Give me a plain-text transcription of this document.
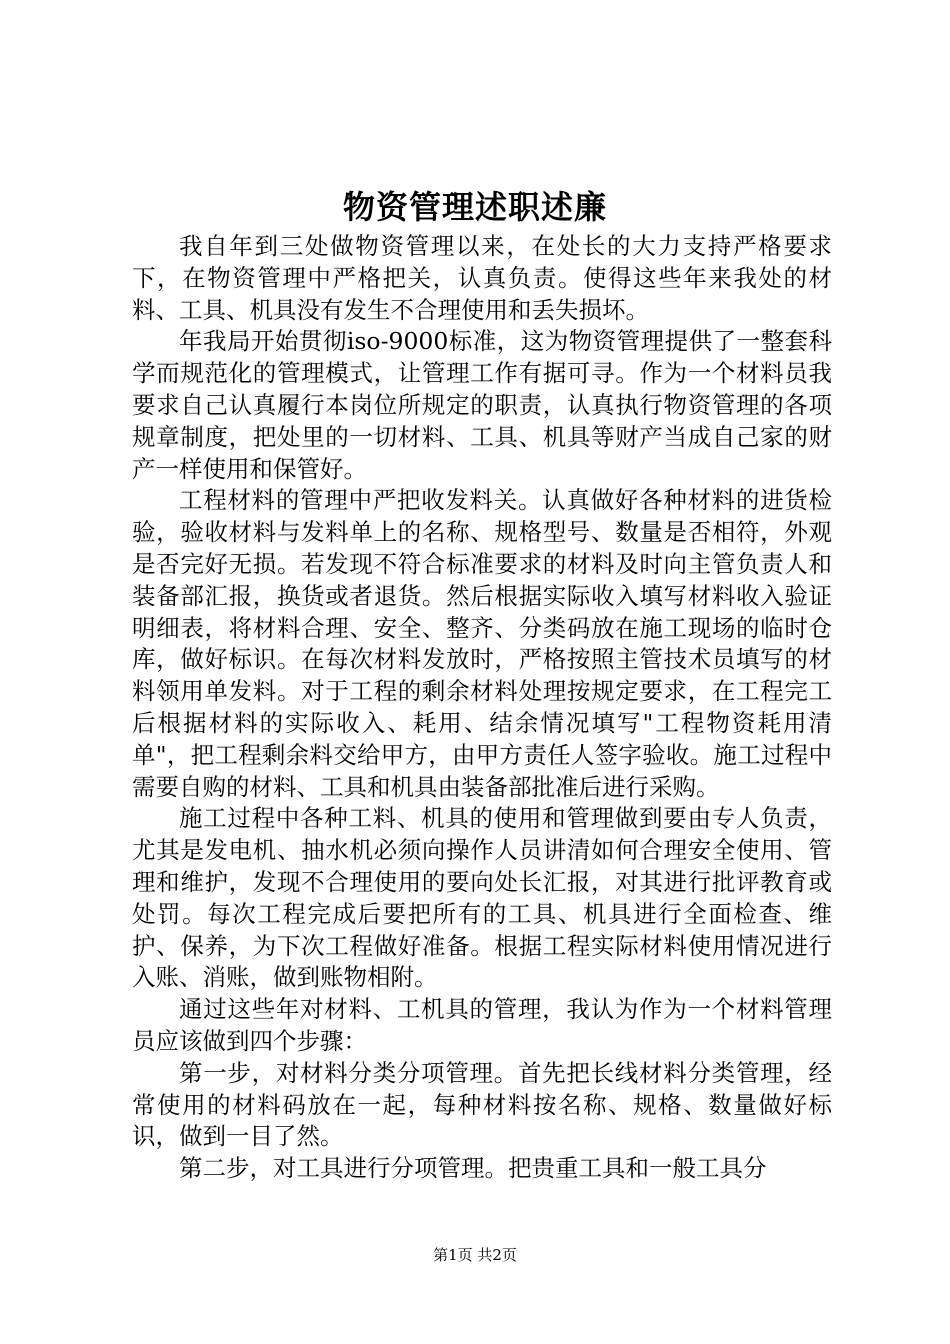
物资管理述职述廉

我自年到三处做物资管理以来，在处长的大力支持严格要求下，在物资管理中严格把关，认真负责。使得这些年来我处的材料、工具、机具没有发生不合理使用和丢失损坏。

年我局开始贯彻iso-9000标准，这为物资管理提供了一整套科学而规范化的管理模式，让管理工作有据可寻。作为一个材料员我要求自己认真履行本岗位所规定的职责，认真执行物资管理的各项规章制度，把处里的一切材料、工具、机具等财产当成自己家的财产一样使用和保管好。

工程材料的管理中严把收发料关。认真做好各种材料的进货检验，验收材料与发料单上的名称、规格型号、数量是否相符，外观是否完好无损。若发现不符合标准要求的材料及时向主管负责人和装备部汇报，换货或者退货。然后根据实际收入填写材料收入验证明细表，将材料合理、安全、整齐、分类码放在施工现场的临时仓库，做好标识。在每次材料发放时，严格按照主管技术员填写的材料领用单发料。对于工程的剩余材料处理按规定要求，在工程完工后根据材料的实际收入、耗用、结余情况填写"工程物资耗用清单"，把工程剩余料交给甲方，由甲方责任人签字验收。施工过程中需要自购的材料、工具和机具由装备部批准后进行采购。

施工过程中各种工料、机具的使用和管理做到要由专人负责，尤其是发电机、抽水机必须向操作人员讲清如何合理安全使用、管理和维护，发现不合理使用的要向处长汇报，对其进行批评教育或处罚。每次工程完成后要把所有的工具、机具进行全面检查、维护、保养，为下次工程做好准备。根据工程实际材料使用情况进行入账、消账，做到账物相附。

通过这些年对材料、工机具的管理，我认为作为一个材料管理员应该做到四个步骤：

第一步，对材料分类分项管理。首先把长线材料分类管理，经常使用的材料码放在一起，每种材料按名称、规格、数量做好标识，做到一目了然。

第二步，对工具进行分项管理。把贵重工具和一般工具分

第1页 共2页
